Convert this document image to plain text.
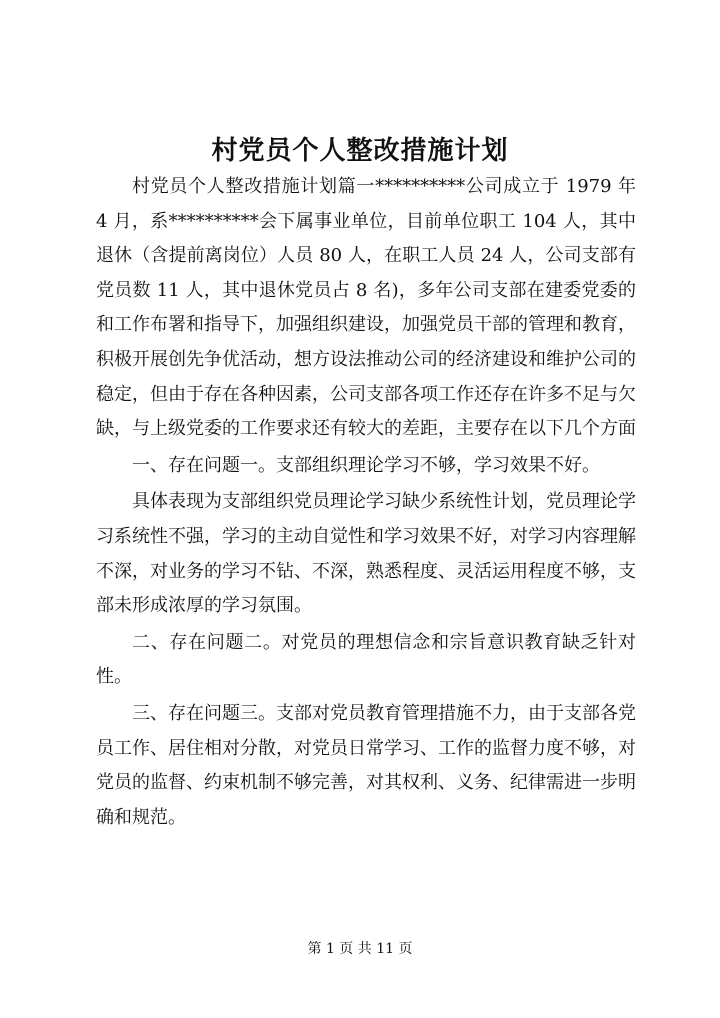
村党员个人整改措施计划

村党员个人整改措施计划篇一**********公司成立于 1979 年 4 月，系**********会下属事业单位，目前单位职工 104 人，其中退休（含提前离岗位）人员 80 人，在职工人员 24 人，公司支部有党员数 11 人，其中退休党员占 8 名)，多年公司支部在建委党委的和工作布署和指导下，加强组织建设，加强党员干部的管理和教育，积极开展创先争优活动，想方设法推动公司的经济建设和维护公司的稳定，但由于存在各种因素，公司支部各项工作还存在许多不足与欠缺，与上级党委的工作要求还有较大的差距，主要存在以下几个方面

一、存在问题一。支部组织理论学习不够，学习效果不好。

具体表现为支部组织党员理论学习缺少系统性计划，党员理论学习系统性不强，学习的主动自觉性和学习效果不好，对学习内容理解不深，对业务的学习不钻、不深，熟悉程度、灵活运用程度不够，支部未形成浓厚的学习氛围。

二、存在问题二。对党员的理想信念和宗旨意识教育缺乏针对性。

三、存在问题三。支部对党员教育管理措施不力，由于支部各党员工作、居住相对分散，对党员日常学习、工作的监督力度不够，对党员的监督、约束机制不够完善，对其权利、义务、纪律需进一步明确和规范。

第 1 页 共 11 页
